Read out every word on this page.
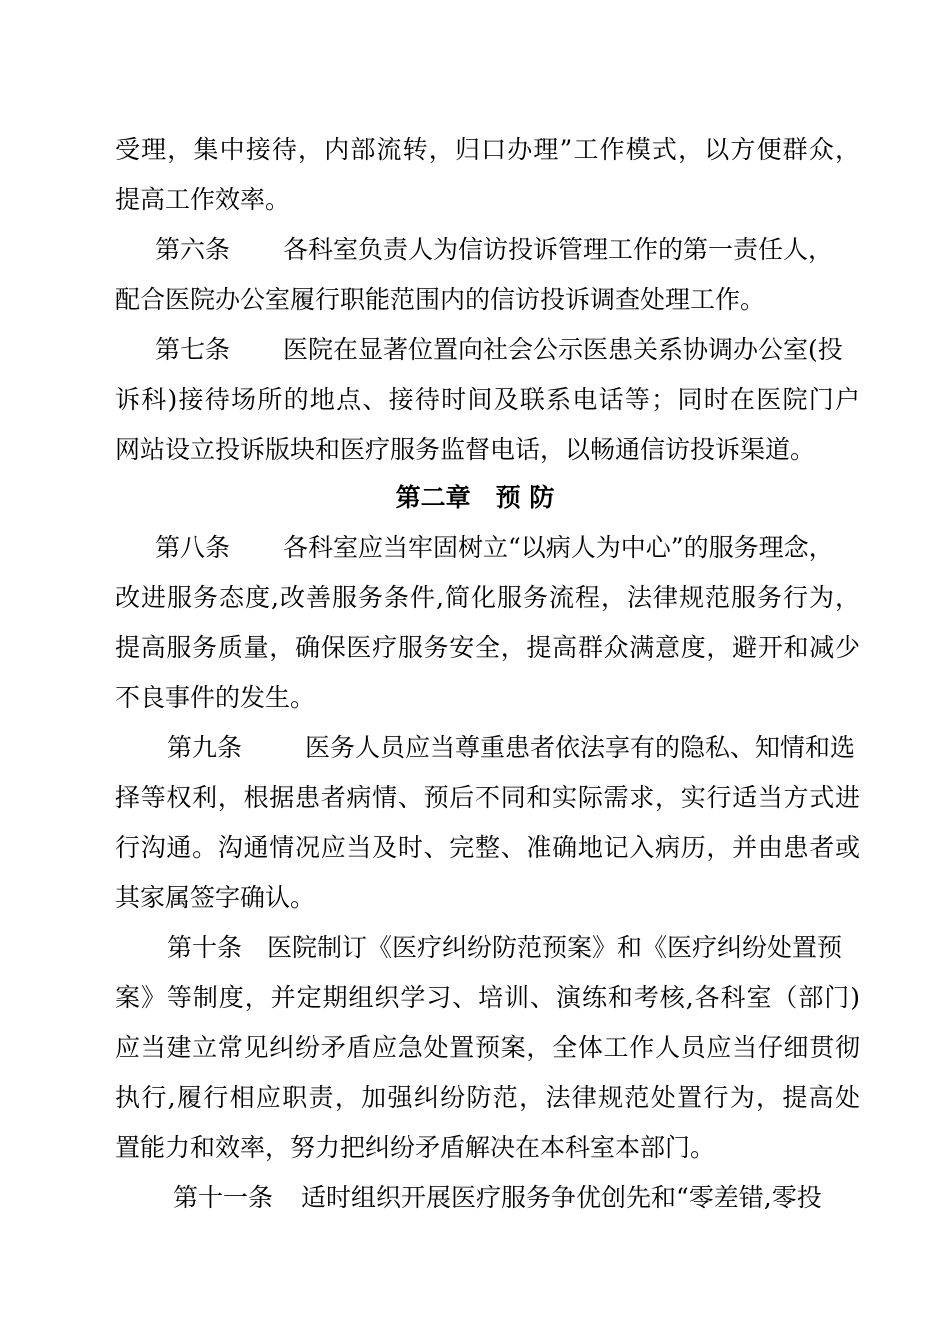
受理，集中接待，内部流转，归口办理”工作模式，以方便群众，
提高工作效率。
第六条 各科室负责人为信访投诉管理工作的第一责任人，
配合医院办公室履行职能范围内的信访投诉调查处理工作。
第七条 医院在显著位置向社会公示医患关系协调办公室(投
诉科)接待场所的地点、接待时间及联系电话等；同时在医院门户
网站设立投诉版块和医疗服务监督电话，以畅通信访投诉渠道。
第二章　预 防
第八条 各科室应当牢固树立“以病人为中心”的服务理念，
改进服务态度,改善服务条件,简化服务流程，法律规范服务行为，
提高服务质量，确保医疗服务安全，提高群众满意度，避开和减少
不良事件的发生。
第九条	医务人员应当尊重患者依法享有的隐私、知情和选
择等权利，根据患者病情、预后不同和实际需求，实行适当方式进
行沟通。沟通情况应当及时、完整、准确地记入病历，并由患者或
其家属签字确认。
第十条 医院制订《医疗纠纷防范预案》和《医疗纠纷处置预
案》等制度，并定期组织学习、培训、演练和考核,各科室（部门)
应当建立常见纠纷矛盾应急处置预案，全体工作人员应当仔细贯彻
执行,履行相应职责，加强纠纷防范，法律规范处置行为，提高处
置能力和效率，努力把纠纷矛盾解决在本科室本部门。
第十一条 适时组织开展医疗服务争优创先和“零差错,零投
